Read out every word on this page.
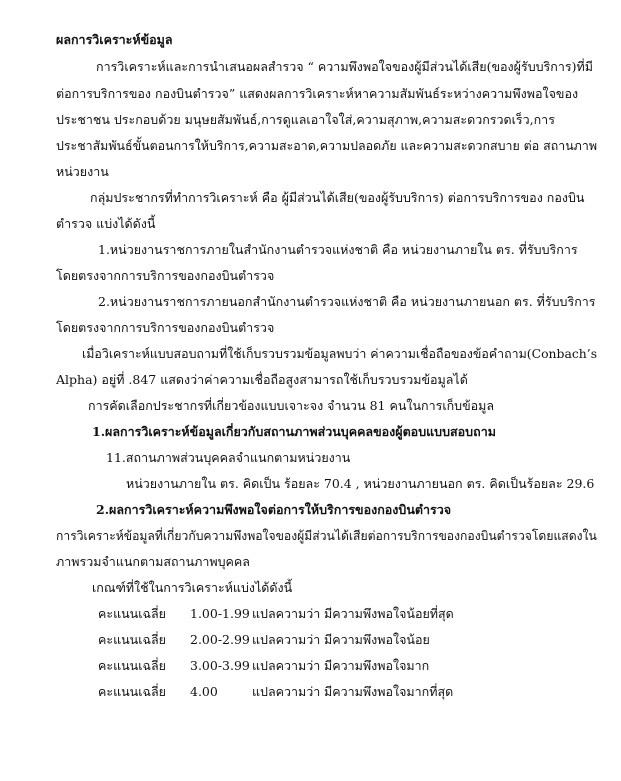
ผลการวิเคราะห์ข้อมูล
การวิเคราะห์และการนำเสนอผลสำรวจ “ ความพึงพอใจของผู้มีส่วนได้เสีย(ของผู้รับบริการ)ที่มี
ต่อการบริการของ กองบินตำรวจ” แสดงผลการวิเคราะห์หาความสัมพันธ์ระหว่างความพึงพอใจของ
ประชาชน ประกอบด้วย มนุษยสัมพันธ์,การดูแลเอาใจใส่,ความสุภาพ,ความสะดวกรวดเร็ว,การ
ประชาสัมพันธ์ขั้นตอนการให้บริการ,ความสะอาด,ความปลอดภัย และความสะดวกสบาย ต่อ สถานภาพ
หน่วยงาน
กลุ่มประชากรที่ทำการวิเคราะห์ คือ ผู้มีส่วนได้เสีย(ของผู้รับบริการ) ต่อการบริการของ กองบิน
ตำรวจ แบ่งได้ดังนี้
1.หน่วยงานราชการภายในสำนักงานตำรวจแห่งชาติ คือ หน่วยงานภายใน ตร. ที่รับบริการ
โดยตรงจากการบริการของกองบินตำรวจ
2.หน่วยงานราชการภายนอกสำนักงานตำรวจแห่งชาติ คือ หน่วยงานภายนอก ตร. ที่รับบริการ
โดยตรงจากการบริการของกองบินตำรวจ
เมื่อวิเคราะห์แบบสอบถามที่ใช้เก็บรวบรวมข้อมูลพบว่า ค่าความเชื่อถือของข้อคำถาม(Conbach’s
Alpha) อยู่ที่ .847 แสดงว่าค่าความเชื่อถือสูงสามารถใช้เก็บรวบรวมข้อมูลได้
การคัดเลือกประชากรที่เกี่ยวข้องแบบเจาะจง จำนวน 81 คนในการเก็บข้อมูล
1.ผลการวิเคราะห์ข้อมูลเกี่ยวกับสถานภาพส่วนบุคคลของผู้ตอบแบบสอบถาม
11.สถานภาพส่วนบุคคลจำแนกตามหน่วยงาน
หน่วยงานภายใน ตร. คิดเป็น ร้อยละ 70.4 , หน่วยงานภายนอก ตร. คิดเป็นร้อยละ 29.6
2.ผลการวิเคราะห์ความพึงพอใจต่อการให้บริการของกองบินตำรวจ
การวิเคราะห์ข้อมูลที่เกี่ยวกับความพึงพอใจของผู้มีส่วนได้เสียต่อการบริการของกองบินตำรวจโดยแสดงใน
ภาพรวมจำแนกตามสถานภาพบุคคล
เกณฑ์ที่ใช้ในการวิเคราะห์แบ่งได้ดังนี้
คะแนนเฉลี่ย 1.00-1.99 แปลความว่า มีความพึงพอใจน้อยที่สุด
คะแนนเฉลี่ย 2.00-2.99 แปลความว่า มีความพึงพอใจน้อย
คะแนนเฉลี่ย 3.00-3.99 แปลความว่า มีความพึงพอใจมาก
คะแนนเฉลี่ย 4.00	แปลความว่า มีความพึงพอใจมากที่สุด
